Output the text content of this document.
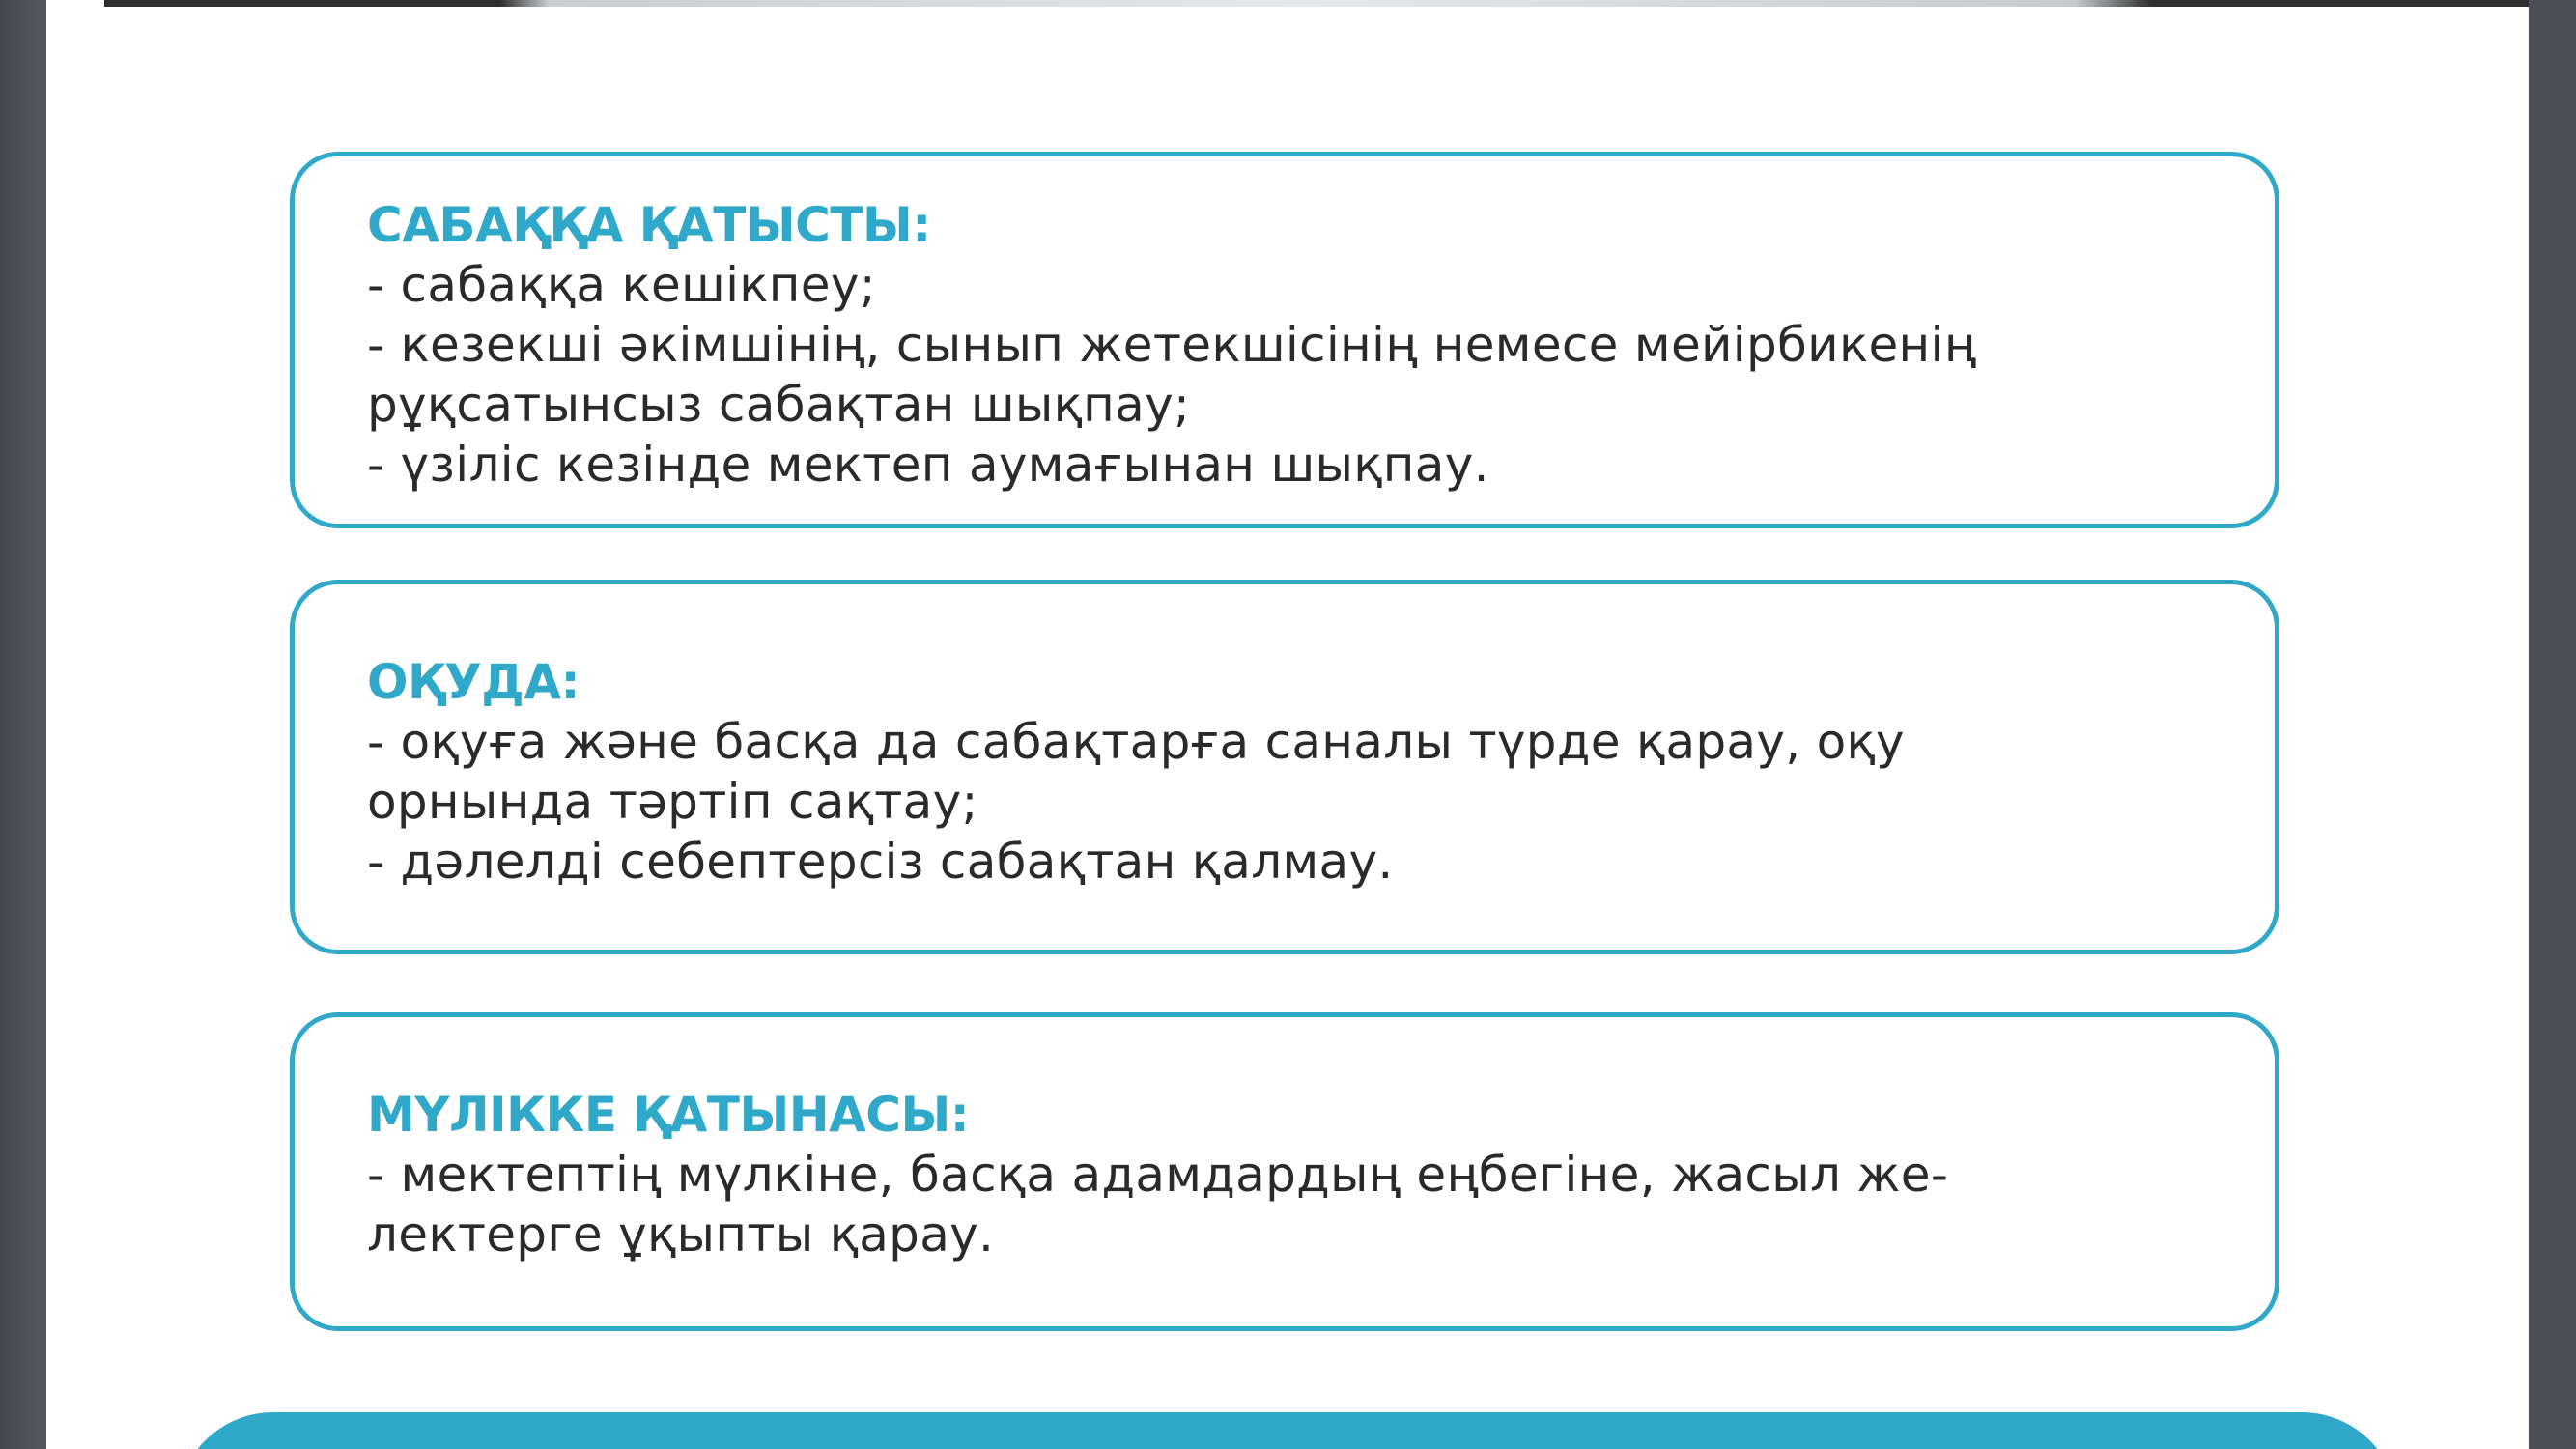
САБАҚҚА ҚАТЫСТЫ:
- сабаққа кешікпеу;
- кезекші әкімшінің, сынып жетекшісінің немесе мейірбикенің
рұқсатынсыз сабақтан шықпау;
- үзіліс кезінде мектеп аумағынан шықпау.
ОҚУДА:
- оқуға және басқа да сабақтарға саналы түрде қарау, оқу
орнында тәртіп сақтау;
- дәлелді себептерсіз сабақтан қалмау.
МҮЛІККЕ ҚАТЫНАСЫ:
- мектептің мүлкіне, басқа адамдардың еңбегіне, жасыл же-
лектерге ұқыпты қарау.
